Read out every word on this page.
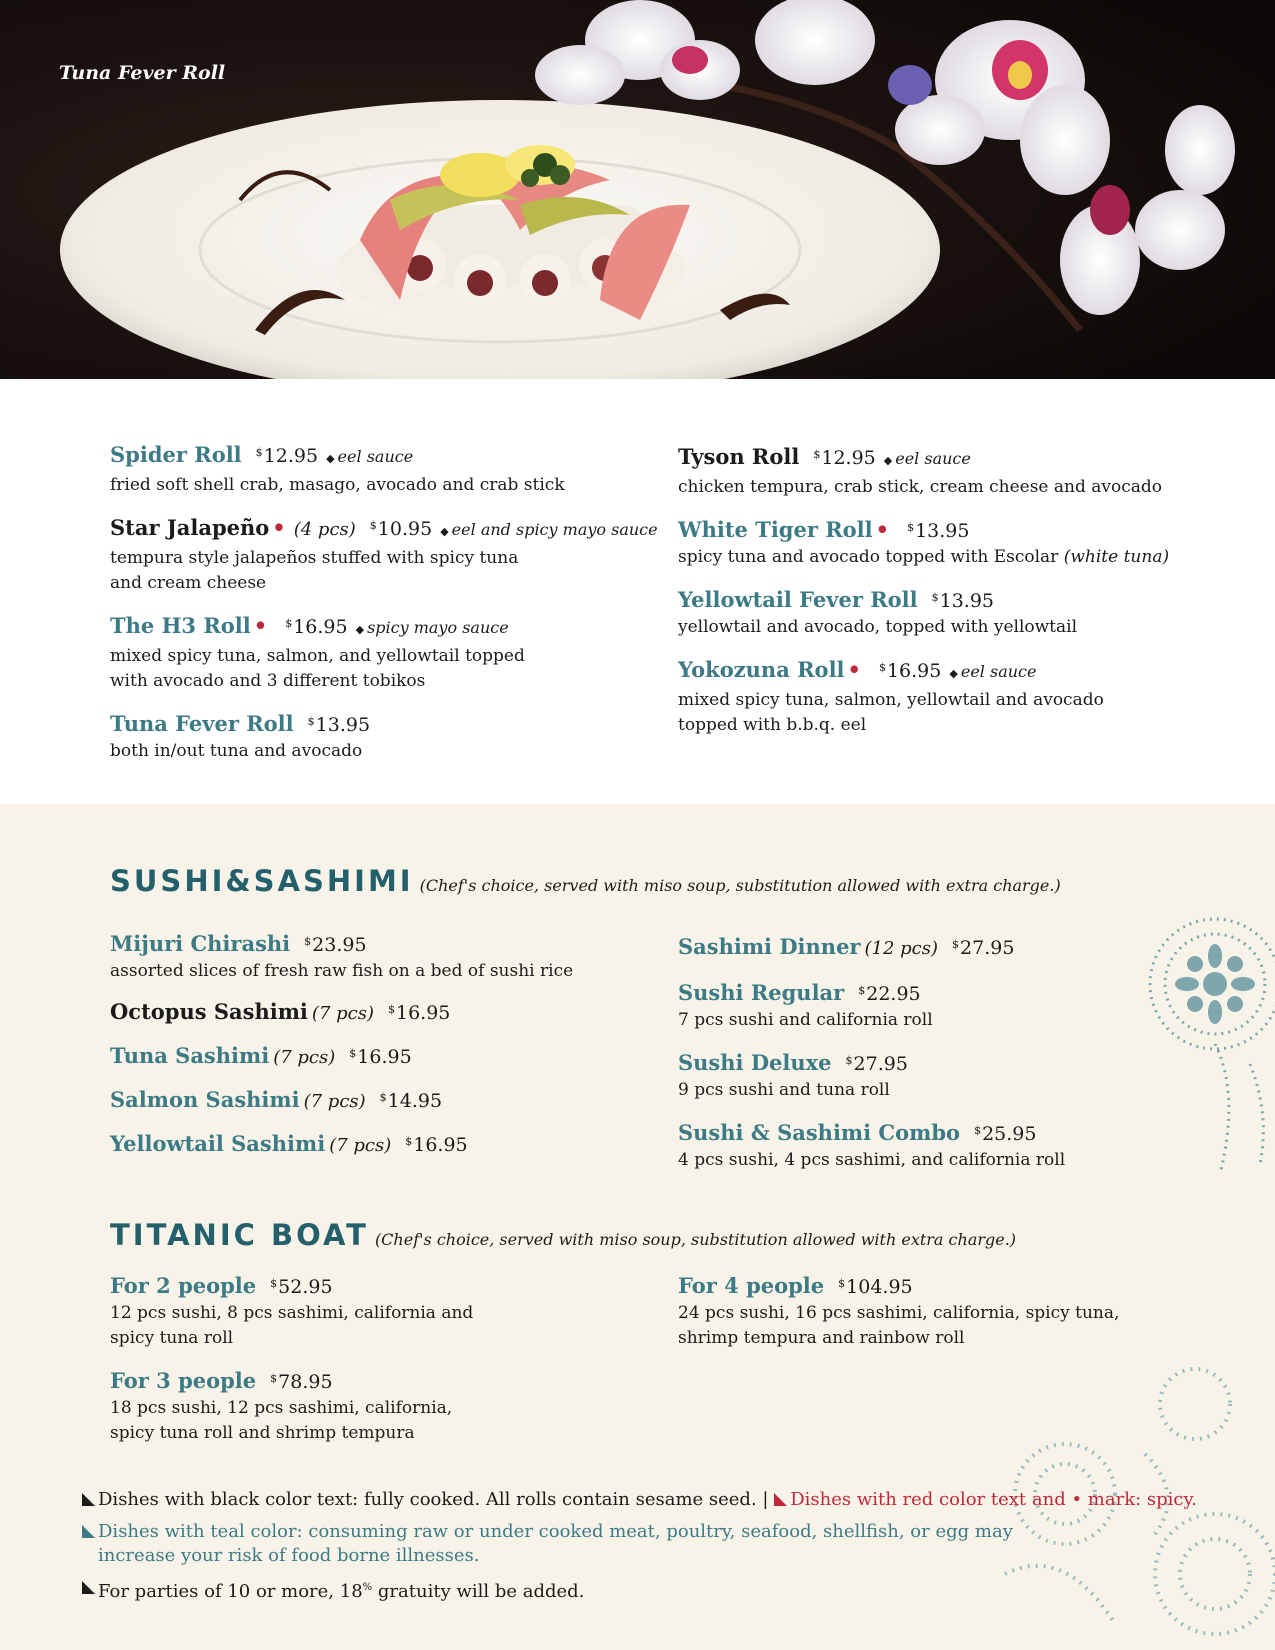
Tuna Fever Roll
Spider Roll $12.95 ◆ eel sauce
fried soft shell crab, masago, avocado and crab stick
Star Jalapeño • (4 pcs) $10.95 ◆ eel and spicy mayo sauce
tempura style jalapeños stuffed with spicy tuna
and cream cheese
The H3 Roll • $16.95 ◆ spicy mayo sauce
mixed spicy tuna, salmon, and yellowtail topped
with avocado and 3 different tobikos
Tuna Fever Roll $13.95
both in/out tuna and avocado
Tyson Roll $12.95 ◆ eel sauce
chicken tempura, crab stick, cream cheese and avocado
White Tiger Roll • $13.95
spicy tuna and avocado topped with Escolar (white tuna)
Yellowtail Fever Roll $13.95
yellowtail and avocado, topped with yellowtail
Yokozuna Roll • $16.95 ◆ eel sauce
mixed spicy tuna, salmon, yellowtail and avocado
topped with b.b.q. eel
SUSHI&SASHIMI (Chef's choice, served with miso soup, substitution allowed with extra charge.)
Mijuri Chirashi $23.95
assorted slices of fresh raw fish on a bed of sushi rice
Octopus Sashimi (7 pcs) $16.95
Tuna Sashimi (7 pcs) $16.95
Salmon Sashimi (7 pcs) $14.95
Yellowtail Sashimi (7 pcs) $16.95
Sashimi Dinner (12 pcs) $27.95
Sushi Regular $22.95
7 pcs sushi and california roll
Sushi Deluxe $27.95
9 pcs sushi and tuna roll
Sushi & Sashimi Combo $25.95
4 pcs sushi, 4 pcs sashimi, and california roll
TITANIC BOAT (Chef's choice, served with miso soup, substitution allowed with extra charge.)
For 2 people $52.95
12 pcs sushi, 8 pcs sashimi, california and
spicy tuna roll
For 3 people $78.95
18 pcs sushi, 12 pcs sashimi, california,
spicy tuna roll and shrimp tempura
For 4 people $104.95
24 pcs sushi, 16 pcs sashimi, california, spicy tuna,
shrimp tempura and rainbow roll
Dishes with black color text: fully cooked. All rolls contain sesame seed. | Dishes with red color text and • mark: spicy.
Dishes with teal color: consuming raw or under cooked meat, poultry, seafood, shellfish, or egg may increase your risk of food borne illnesses.
For parties of 10 or more, 18% gratuity will be added.
